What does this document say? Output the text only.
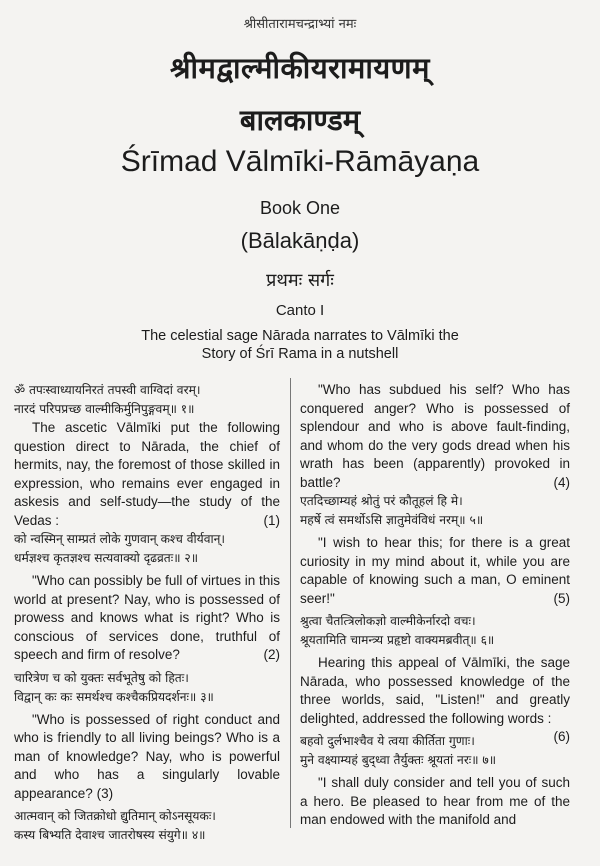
श्रीसीतारामचन्द्राभ्यां नमः
श्रीमद्वाल्मीकीयरामायणम्
बालकाण्डम्
Śrīmad Vālmīki-Rāmāyaṇa
Book One
(Bālakāṇḍa)
प्रथमः सर्गः
Canto I
The celestial sage Nārada narrates to Vālmīki the
Story of Śrī Rama in a nutshell
ॐ तपःस्वाध्यायनिरतं तपस्वी वाग्विदां वरम्।
नारदं परिपप्रच्छ वाल्मीकिर्मुनिपुङ्गवम्॥ १॥

The ascetic Vālmīki put the following question direct to Nārada, the chief of hermits, nay, the foremost of those skilled in expression, who remains ever engaged in askesis and self-study—the study of the Vedas :	(1)

को न्वस्मिन् साम्प्रतं लोके गुणवान् कश्च वीर्यवान्।
धर्मज्ञश्च कृतज्ञश्च सत्यवाक्यो दृढव्रतः॥ २॥

"Who can possibly be full of virtues in this world at present? Nay, who is possessed of prowess and knows what is right? Who is conscious of services done, truthful of speech and firm of resolve?	(2)

चारित्रेण च को युक्तः सर्वभूतेषु को हितः।
विद्वान् कः कः समर्थश्च कश्चैकप्रियदर्शनः॥ ३॥

"Who is possessed of right conduct and who is friendly to all living beings? Who is a man of knowledge? Nay, who is powerful and who has a singularly lovable appearance? (3)

आत्मवान् को जितक्रोधो द्युतिमान् कोऽनसूयकः।
कस्य बिभ्यति देवाश्च जातरोषस्य संयुगे॥ ४॥

"Who has subdued his self? Who has conquered anger? Who is possessed of splendour and who is above fault-finding, and whom do the very gods dread when his wrath has been (apparently) provoked in battle?	(4)

एतदिच्छाम्यहं श्रोतुं परं कौतूहलं हि मे।
महर्षे त्वं समर्थोऽसि ज्ञातुमेवंविधं नरम्॥ ५॥

"I wish to hear this; for there is a great curiosity in my mind about it, while you are capable of knowing such a man, O eminent seer!"	(5)

श्रुत्वा चैतत्त्रिलोकज्ञो वाल्मीकेर्नारदो वचः।
श्रूयतामिति चामन्त्र्य प्रहृष्टो वाक्यमब्रवीत्॥ ६॥

Hearing this appeal of Vālmīki, the sage Nārada, who possessed knowledge of the three worlds, said, "Listen!" and greatly delighted, addressed the following words :
(6)

बहवो दुर्लभाश्चैव ये त्वया कीर्तिता गुणाः।
मुने वक्ष्याम्यहं बुद्ध्वा तैर्युक्तः श्रूयतां नरः॥ ७॥

"I shall duly consider and tell you of such a hero. Be pleased to hear from me of the man endowed with the manifold and
